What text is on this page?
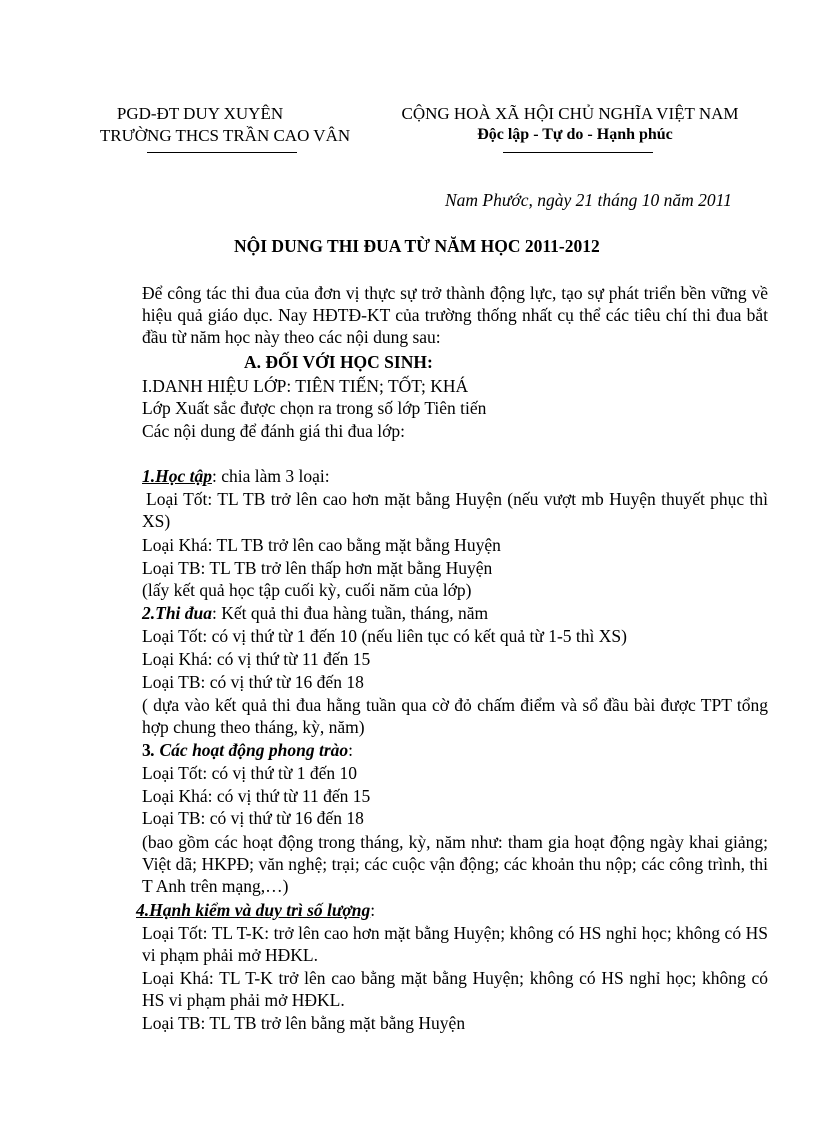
PGD-ĐT DUY XUYÊN
TRƯỜNG THCS TRẦN CAO VÂN
CỘNG HOÀ XÃ HỘI CHỦ NGHĨA VIỆT NAM
Độc lập - Tự do - Hạnh phúc
Nam Phước, ngày 21 tháng 10 năm 2011
NỘI DUNG THI ĐUA TỪ NĂM HỌC 2011-2012
Để công tác thi đua của đơn vị thực sự trở thành động lực, tạo sự phát triển bền vững về hiệu quả giáo dục. Nay HĐTĐ-KT của trường thống nhất cụ thể các tiêu chí thi đua bắt đầu từ năm học này theo các nội dung sau:
A. ĐỐI VỚI HỌC SINH:
I.DANH HIỆU LỚP: TIÊN TIẾN; TỐT; KHÁ
Lớp Xuất sắc được chọn ra trong số lớp Tiên tiến
Các nội dung để đánh giá thi đua lớp:
1.Học tập: chia làm 3 loại:
Loại Tốt: TL TB trở lên cao hơn mặt bằng Huyện (nếu vượt mb Huyện thuyết phục thì XS)
Loại Khá: TL TB trở lên cao bằng mặt bằng Huyện
Loại TB: TL TB trở lên thấp hơn mặt bằng Huyện
(lấy kết quả học tập cuối kỳ, cuối năm của lớp)
2.Thi đua: Kết quả thi đua hàng tuần, tháng, năm
Loại Tốt: có vị thứ từ 1 đến 10 (nếu liên tục có kết quả từ 1-5 thì XS)
Loại Khá: có vị thứ từ 11 đến 15
Loại TB: có vị thứ từ 16 đến 18
( dựa vào kết quả thi đua hằng tuần qua cờ đỏ chấm điểm và sổ đầu bài được TPT tổng hợp chung theo tháng, kỳ, năm)
3. Các hoạt động phong trào:
Loại Tốt: có vị thứ từ 1 đến 10
Loại Khá: có vị thứ từ 11 đến 15
Loại TB: có vị thứ từ 16 đến 18
(bao gồm các hoạt động trong tháng, kỳ, năm như: tham gia hoạt động ngày khai giảng; Việt dã; HKPĐ; văn nghệ; trại; các cuộc vận động; các khoản thu nộp; các công trình, thi T Anh trên mạng,…)
4.Hạnh kiểm và duy trì số lượng:
Loại Tốt: TL T-K: trở lên cao hơn mặt bằng Huyện; không có HS nghỉ học; không có HS vi phạm phải mở HĐKL.
Loại Khá: TL T-K trở lên cao bằng mặt bằng Huyện; không có HS nghỉ học; không có HS vi phạm phải mở HĐKL.
Loại TB: TL TB trở lên bằng mặt bằng Huyện
